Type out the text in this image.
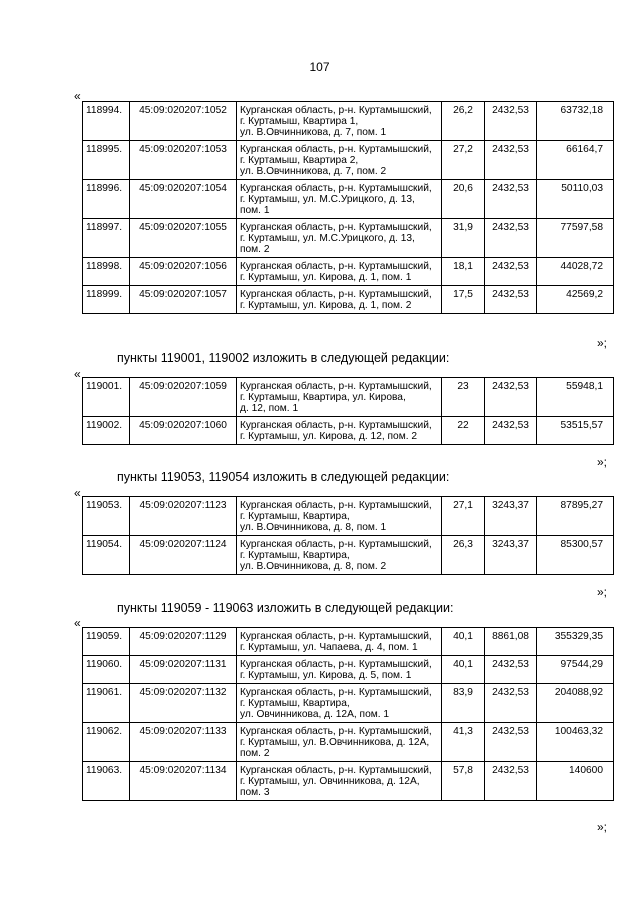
107
«
118994.	45:09:020207:1052	Курганская область, р-н. Куртамышский,
г. Куртамыш, Квартира 1,
ул. В.Овчинникова, д. 7, пом. 1	26,2	2432,53	63732,18
118995.	45:09:020207:1053	Курганская область, р-н. Куртамышский,
г. Куртамыш, Квартира 2,
ул. В.Овчинникова, д. 7, пом. 2	27,2	2432,53	66164,7
118996.	45:09:020207:1054	Курганская область, р-н. Куртамышский,
г. Куртамыш, ул. М.С.Урицкого, д. 13,
пом. 1	20,6	2432,53	50110,03
118997.	45:09:020207:1055	Курганская область, р-н. Куртамышский,
г. Куртамыш, ул. М.С.Урицкого, д. 13,
пом. 2	31,9	2432,53	77597,58
118998.	45:09:020207:1056	Курганская область, р-н. Куртамышский,
г. Куртамыш, ул. Кирова, д. 1, пом. 1	18,1	2432,53	44028,72
118999.	45:09:020207:1057	Курганская область, р-н. Куртамышский,
г. Куртамыш, ул. Кирова, д. 1, пом. 2	17,5	2432,53	42569,2
»;
пункты 119001, 119002 изложить в следующей редакции:
«
119001.	45:09:020207:1059	Курганская область, р-н. Куртамышский,
г. Куртамыш, Квартира, ул. Кирова,
д. 12, пом. 1	23	2432,53	55948,1
119002.	45:09:020207:1060	Курганская область, р-н. Куртамышский,
г. Куртамыш, ул. Кирова, д. 12, пом. 2	22	2432,53	53515,57
»;
пункты 119053, 119054 изложить в следующей редакции:
«
119053.	45:09:020207:1123	Курганская область, р-н. Куртамышский,
г. Куртамыш, Квартира,
ул. В.Овчинникова, д. 8, пом. 1	27,1	3243,37	87895,27
119054.	45:09:020207:1124	Курганская область, р-н. Куртамышский,
г. Куртамыш, Квартира,
ул. В.Овчинникова, д. 8, пом. 2	26,3	3243,37	85300,57
»;
пункты 119059 - 119063 изложить в следующей редакции:
«
119059.	45:09:020207:1129	Курганская область, р-н. Куртамышский,
г. Куртамыш, ул. Чапаева, д. 4, пом. 1	40,1	8861,08	355329,35
119060.	45:09:020207:1131	Курганская область, р-н. Куртамышский,
г. Куртамыш, ул. Кирова, д. 5, пом. 1	40,1	2432,53	97544,29
119061.	45:09:020207:1132	Курганская область, р-н. Куртамышский,
г. Куртамыш, Квартира,
ул. Овчинникова, д. 12А, пом. 1	83,9	2432,53	204088,92
119062.	45:09:020207:1133	Курганская область, р-н. Куртамышский,
г. Куртамыш, ул. В.Овчинникова, д. 12А,
пом. 2	41,3	2432,53	100463,32
119063.	45:09:020207:1134	Курганская область, р-н. Куртамышский,
г. Куртамыш, ул. Овчинникова, д. 12А,
пом. 3	57,8	2432,53	140600
»;
